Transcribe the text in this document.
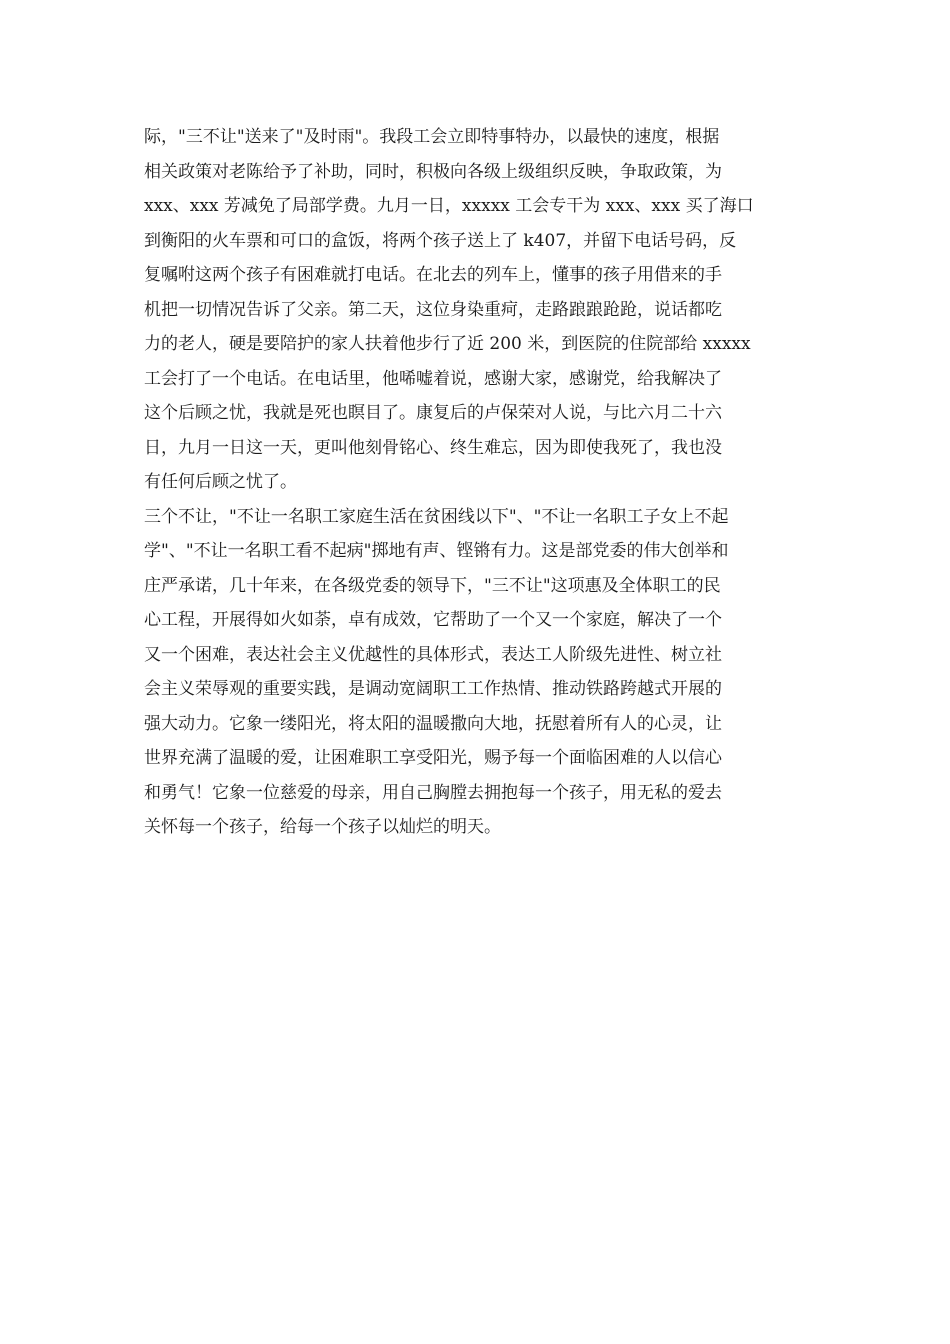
际，"三不让"送来了"及时雨"。我段工会立即特事特办，以最快的速度，根据
相关政策对老陈给予了补助，同时，积极向各级上级组织反映，争取政策，为
xxx、xxx 芳减免了局部学费。九月一日，xxxxx 工会专干为 xxx、xxx 买了海口
到衡阳的火车票和可口的盒饭，将两个孩子送上了 k407，并留下电话号码，反
复嘱咐这两个孩子有困难就打电话。在北去的列车上，懂事的孩子用借来的手
机把一切情况告诉了父亲。第二天，这位身染重疴，走路踉踉跄跄，说话都吃
力的老人，硬是要陪护的家人扶着他步行了近 200 米，到医院的住院部给 xxxxx
工会打了一个电话。在电话里，他唏嘘着说，感谢大家，感谢党，给我解决了
这个后顾之忧，我就是死也瞑目了。康复后的卢保荣对人说，与比六月二十六
日，九月一日这一天，更叫他刻骨铭心、终生难忘，因为即使我死了，我也没
有任何后顾之忧了。

三个不让，"不让一名职工家庭生活在贫困线以下"、"不让一名职工子女上不起
学"、"不让一名职工看不起病"掷地有声、铿锵有力。这是部党委的伟大创举和
庄严承诺，几十年来，在各级党委的领导下，"三不让"这项惠及全体职工的民
心工程，开展得如火如荼，卓有成效，它帮助了一个又一个家庭，解决了一个
又一个困难，表达社会主义优越性的具体形式，表达工人阶级先进性、树立社
会主义荣辱观的重要实践，是调动宽阔职工工作热情、推动铁路跨越式开展的
强大动力。它象一缕阳光，将太阳的温暖撒向大地，抚慰着所有人的心灵，让
世界充满了温暖的爱，让困难职工享受阳光，赐予每一个面临困难的人以信心
和勇气！它象一位慈爱的母亲，用自己胸膛去拥抱每一个孩子，用无私的爱去
关怀每一个孩子，给每一个孩子以灿烂的明天。
